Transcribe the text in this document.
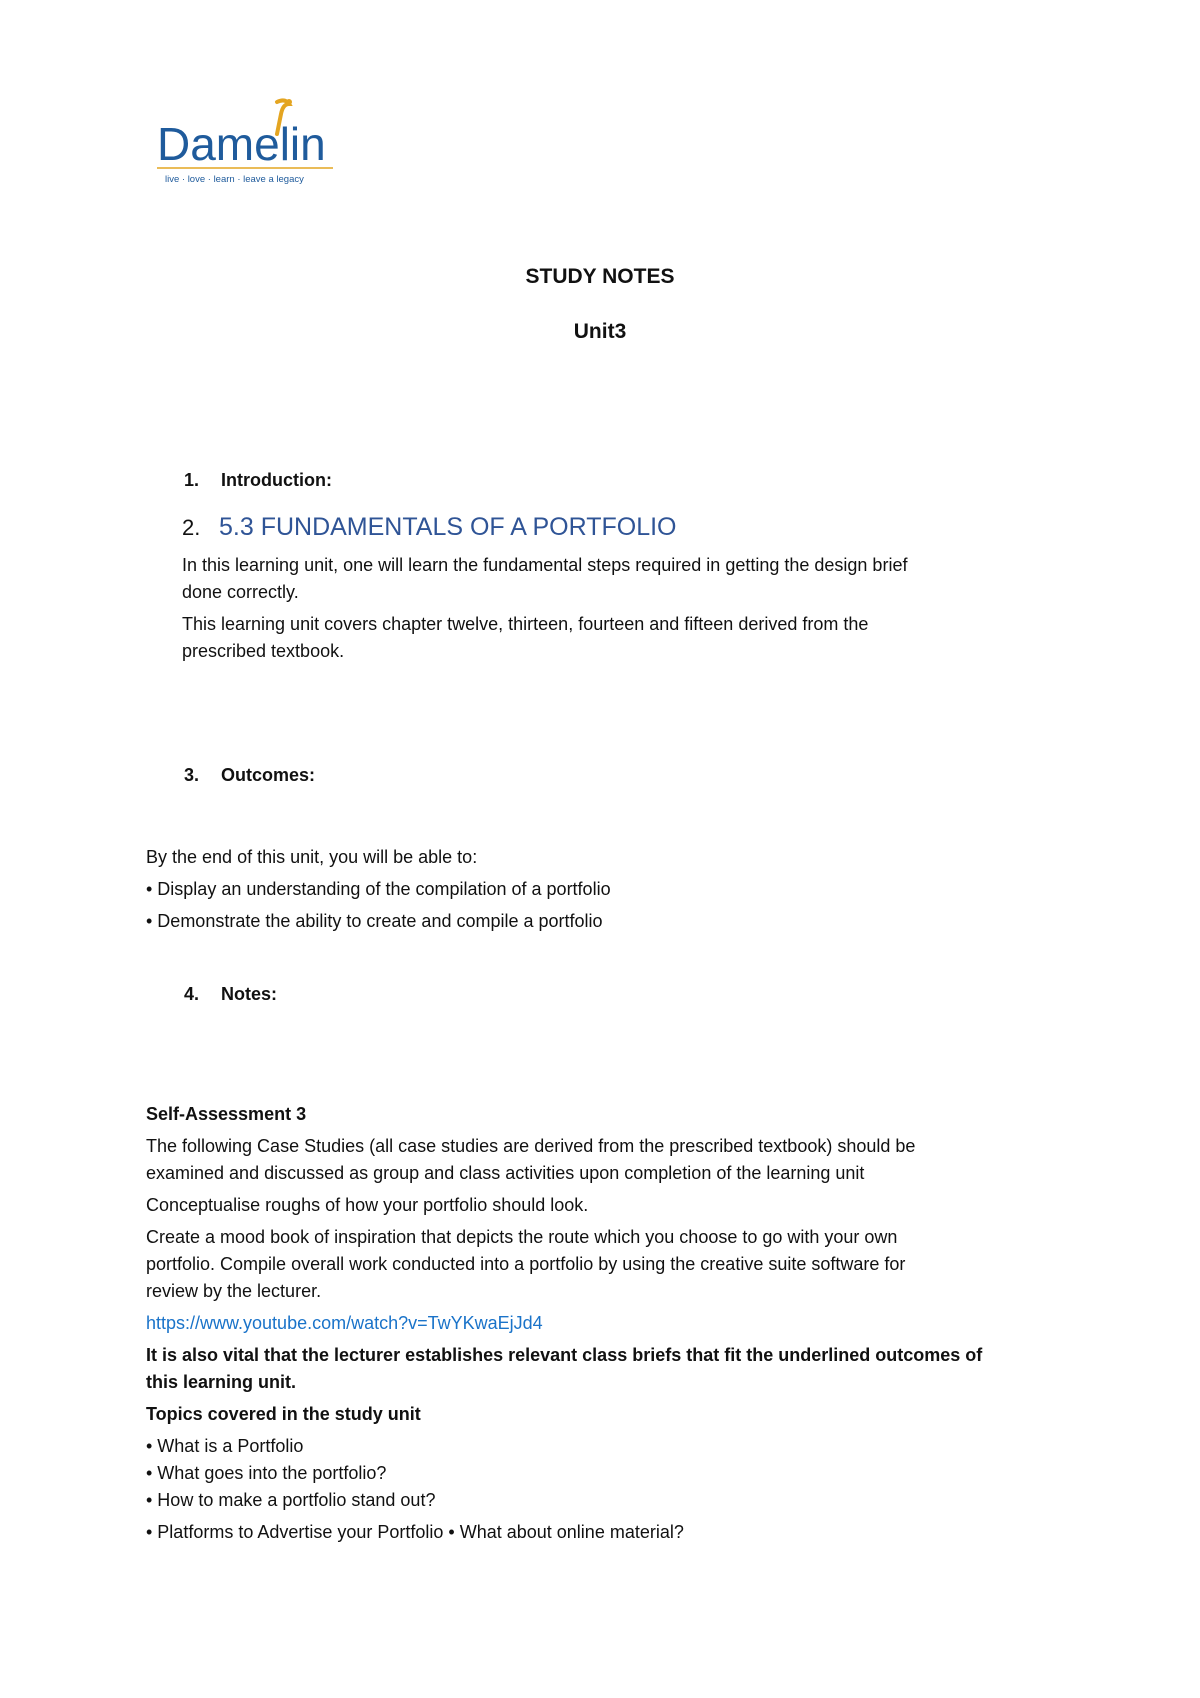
Damelin
live · love · learn · leave a legacy
STUDY NOTES
Unit3
1. Introduction:
2. 5.3 FUNDAMENTALS OF A PORTFOLIO
In this learning unit, one will learn the fundamental steps required in getting the design brief
done correctly.
This learning unit covers chapter twelve, thirteen, fourteen and fifteen derived from the
prescribed textbook.
3. Outcomes:
By the end of this unit, you will be able to:
• Display an understanding of the compilation of a portfolio
• Demonstrate the ability to create and compile a portfolio
4. Notes:
Self-Assessment 3
The following Case Studies (all case studies are derived from the prescribed textbook) should be
examined and discussed as group and class activities upon completion of the learning unit
Conceptualise roughs of how your portfolio should look.
Create a mood book of inspiration that depicts the route which you choose to go with your own
portfolio. Compile overall work conducted into a portfolio by using the creative suite software for
review by the lecturer.
https://www.youtube.com/watch?v=TwYKwaEjJd4
It is also vital that the lecturer establishes relevant class briefs that fit the underlined outcomes of
this learning unit.
Topics covered in the study unit
• What is a Portfolio
• What goes into the portfolio?
• How to make a portfolio stand out?
• Platforms to Advertise your Portfolio • What about online material?
